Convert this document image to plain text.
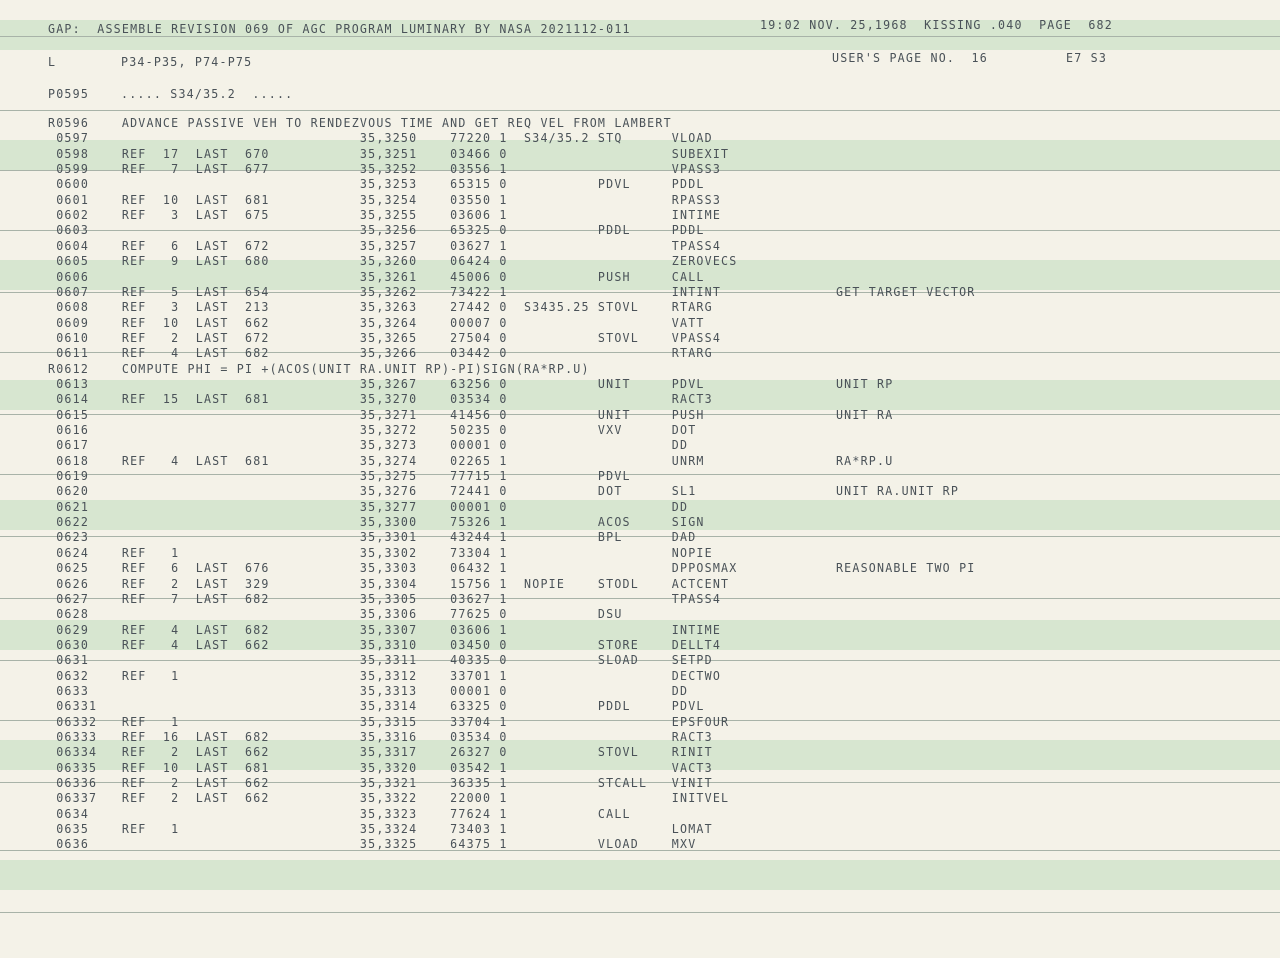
GAP:  ASSEMBLE REVISION 069 OF AGC PROGRAM LUMINARY BY NASA 2021112-011	19:02 NOV. 25,1968  KISSING .040  PAGE  682
L	P34-P35, P74-P75	USER'S PAGE NO.  16	E7 S3
P0595	..... S34/35.2  .....
R0596    ADVANCE PASSIVE VEH TO RENDEZVOUS TIME AND GET REQ VEL FROM LAMBERT
0597                                 35,3250    77220 1  S34/35.2 STQ      VLOAD
0598    REF  17  LAST  670           35,3251    03466 0                    SUBEXIT
0599    REF   7  LAST  677           35,3252    03556 1                    VPASS3
0600                                 35,3253    65315 0           PDVL     PDDL
0601    REF  10  LAST  681           35,3254    03550 1                    RPASS3
0602    REF   3  LAST  675           35,3255    03606 1                    INTIME
0603                                 35,3256    65325 0           PDDL     PDDL
0604    REF   6  LAST  672           35,3257    03627 1                    TPASS4
0605    REF   9  LAST  680           35,3260    06424 0                    ZEROVECS
0606                                 35,3261    45006 0           PUSH     CALL
0607    REF   5  LAST  654           35,3262    73422 1                    INTINT              GET TARGET VECTOR
0608    REF   3  LAST  213           35,3263    27442 0  S3435.25 STOVL    RTARG
0609    REF  10  LAST  662           35,3264    00007 0                    VATT
0610    REF   2  LAST  672           35,3265    27504 0           STOVL    VPASS4
0611    REF   4  LAST  682           35,3266    03442 0                    RTARG
R0612    COMPUTE PHI = PI +(ACOS(UNIT RA.UNIT RP)-PI)SIGN(RA*RP.U)
0613                                 35,3267    63256 0           UNIT     PDVL                UNIT RP
0614    REF  15  LAST  681           35,3270    03534 0                    RACT3
0615                                 35,3271    41456 0           UNIT     PUSH                UNIT RA
0616                                 35,3272    50235 0           VXV      DOT
0617                                 35,3273    00001 0                    DD
0618    REF   4  LAST  681           35,3274    02265 1                    UNRM                RA*RP.U
0619                                 35,3275    77715 1           PDVL
0620                                 35,3276    72441 0           DOT      SL1                 UNIT RA.UNIT RP
0621                                 35,3277    00001 0                    DD
0622                                 35,3300    75326 1           ACOS     SIGN
0623                                 35,3301    43244 1           BPL      DAD
0624    REF   1                      35,3302    73304 1                    NOPIE
0625    REF   6  LAST  676           35,3303    06432 1                    DPPOSMAX            REASONABLE TWO PI
0626    REF   2  LAST  329           35,3304    15756 1  NOPIE    STODL    ACTCENT
0627    REF   7  LAST  682           35,3305    03627 1                    TPASS4
0628                                 35,3306    77625 0           DSU
0629    REF   4  LAST  682           35,3307    03606 1                    INTIME
0630    REF   4  LAST  662           35,3310    03450 0           STORE    DELLT4
0631                                 35,3311    40335 0           SLOAD    SETPD
0632    REF   1                      35,3312    33701 1                    DECTWO
0633                                 35,3313    00001 0                    DD
06331                                35,3314    63325 0           PDDL     PDVL
06332   REF   1                      35,3315    33704 1                    EPSFOUR
06333   REF  16  LAST  682           35,3316    03534 0                    RACT3
06334   REF   2  LAST  662           35,3317    26327 0           STOVL    RINIT
06335   REF  10  LAST  681           35,3320    03542 1                    VACT3
06336   REF   2  LAST  662           35,3321    36335 1           STCALL   VINIT
06337   REF   2  LAST  662           35,3322    22000 1                    INITVEL
0634                                 35,3323    77624 1           CALL
0635    REF   1                      35,3324    73403 1                    LOMAT
0636                                 35,3325    64375 1           VLOAD    MXV
